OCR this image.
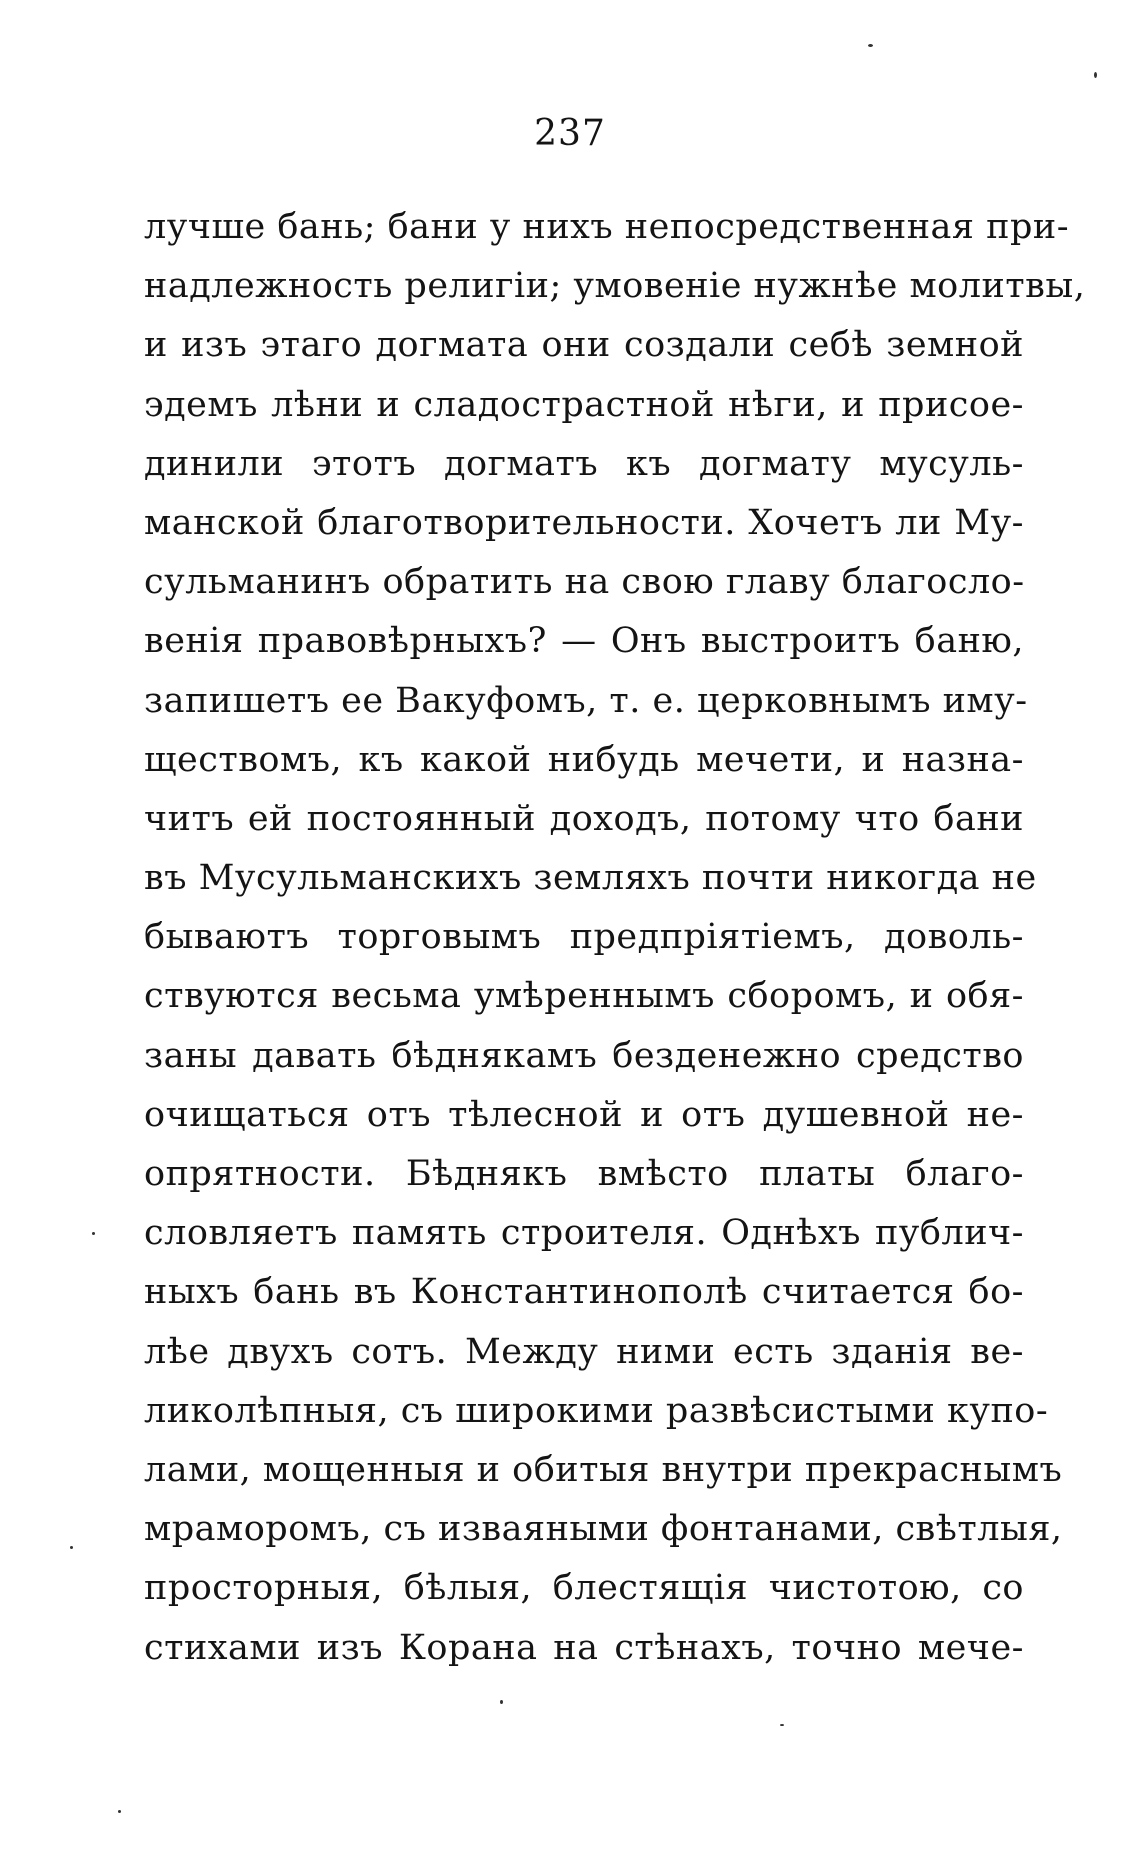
237
лучше бань; бани у нихъ непосредственная при-
надлежность религіи; умовеніе нужнѣе молитвы,
и изъ этаго догмата они создали себѣ земной
эдемъ лѣни и сладострастной нѣги, и присое-
динили этотъ догматъ къ догмату мусуль-
манской благотворительности. Хочетъ ли Му-
сульманинъ обратить на свою главу благосло-
венія правовѣрныхъ? — Онъ выстроитъ баню,
запишетъ ее Вакуфомъ, т. е. церковнымъ иму-
ществомъ, къ какой нибудь мечети, и назна-
читъ ей постоянный доходъ, потому что бани
въ Мусульманскихъ земляхъ почти никогда не
бываютъ торговымъ предпріятіемъ, доволь-
ствуются весьма умѣреннымъ сборомъ, и обя-
заны давать бѣднякамъ безденежно средство
очищаться отъ тѣлесной и отъ душевной не-
опрятности. Бѣднякъ вмѣсто платы благо-
словляетъ память строителя. Однѣхъ публич-
ныхъ бань въ Константинополѣ считается бо-
лѣе двухъ сотъ. Между ними есть зданія ве-
ликолѣпныя, съ широкими развѣсистыми купо-
лами, мощенныя и обитыя внутри прекраснымъ
мраморомъ, съ изваяными фонтанами, свѣтлыя,
просторныя, бѣлыя, блестящія чистотою, со
стихами изъ Корана на стѣнахъ, точно мече-
